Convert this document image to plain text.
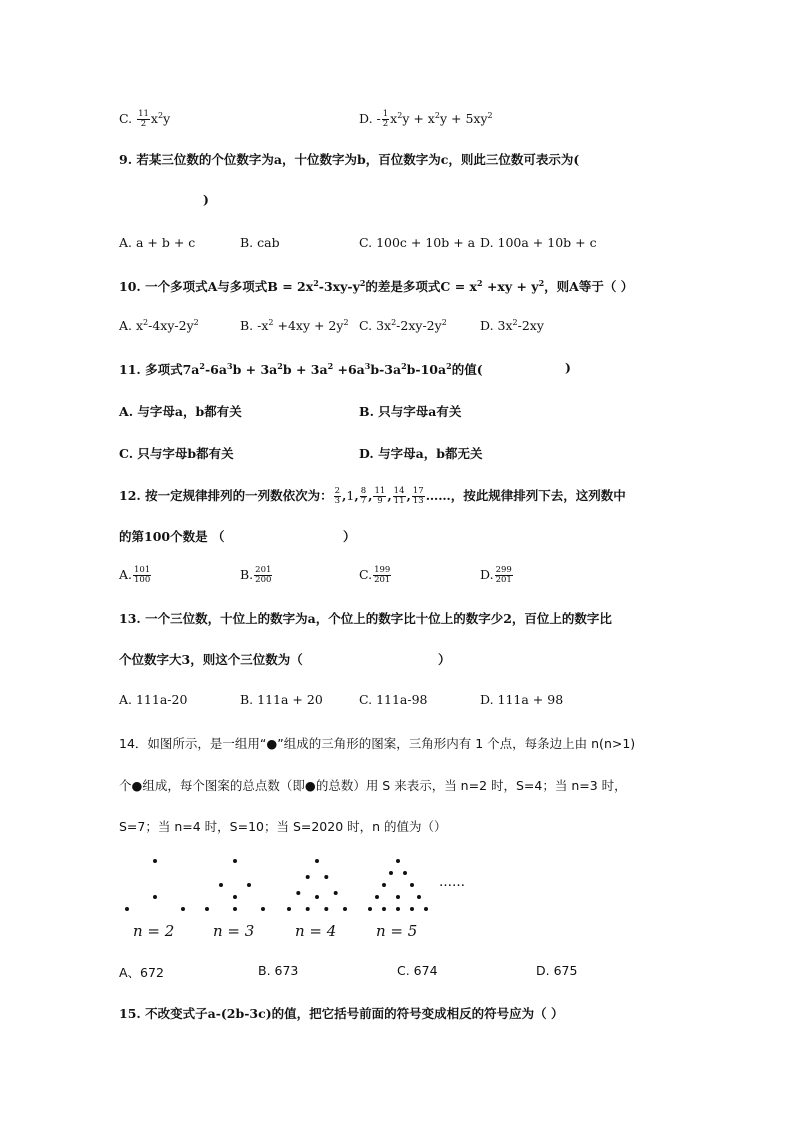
C. $\frac{11}{2} x^2y$	D. - $\frac{1}{2} x^2y + x^2y + 5xy^2$
9. 若某三位数的个位数字为a，十位数字为b，百位数字为c，则此三位数可表示为(
)
A. a + b + c	B. cab	C. 100c + 10b + a D. 100a + 10b + c
10. 一个多项式A与多项式$B = 2x^2-3xy-y^2$的差是多项式$C = x^2 +xy + y^2$，则A等于（ ）
A. $x^2-4xy-2y^2$	B. $-x^2 +4xy + 2y^2$ C. $3x^2-2xy-2y^2$	D. $3x^2-2xy$
11. 多项式$7a^2-6a^3b + 3a^2b + 3a^2 +6a^3b-3a^2b-10a^2$的值(	)
A. 与字母a，b都有关	B. 只与字母a有关
C. 只与字母b都有关	D. 与字母a，b都无关
12. 按一定规律排列的一列数依次为： $\frac{2}{3} ,1$, $\frac{8}{7}$ , $\frac{11}{9}$ , $\frac{14}{11}$ , $\frac{17}{13}$ ……，按此规律排列下去，这列数中
的第100个数是 （	）
A. $\frac{101}{100}$	B. $\frac{201}{200}$	C. $\frac{199}{201}$	D. $\frac{299}{201}$
13. 一个三位数，十位上的数字为a，个位上的数字比十位上的数字少2，百位上的数字比
个位数字大3，则这个三位数为（	）
A. 111a-20	B. 111a + 20	C. 111a-98	D. 111a + 98
14．如图所示，是一组用“●”组成的三角形的图案，三角形内有 1 个点，每条边上由 n(n>1)
个●组成，每个图案的总点数（即●的总数）用 S 来表示，当 n=2 时，S=4；当 n=3 时，
S=7；当 n=4 时，S=10；当 S=2020 时，n 的值为（）
……
n = 2	n = 3	n = 4	n = 5
A、672	B. 673	C. 674	D. 675
15. 不改变式子a-(2b-3c)的值，把它括号前面的符号变成相反的符号应为（ ）
